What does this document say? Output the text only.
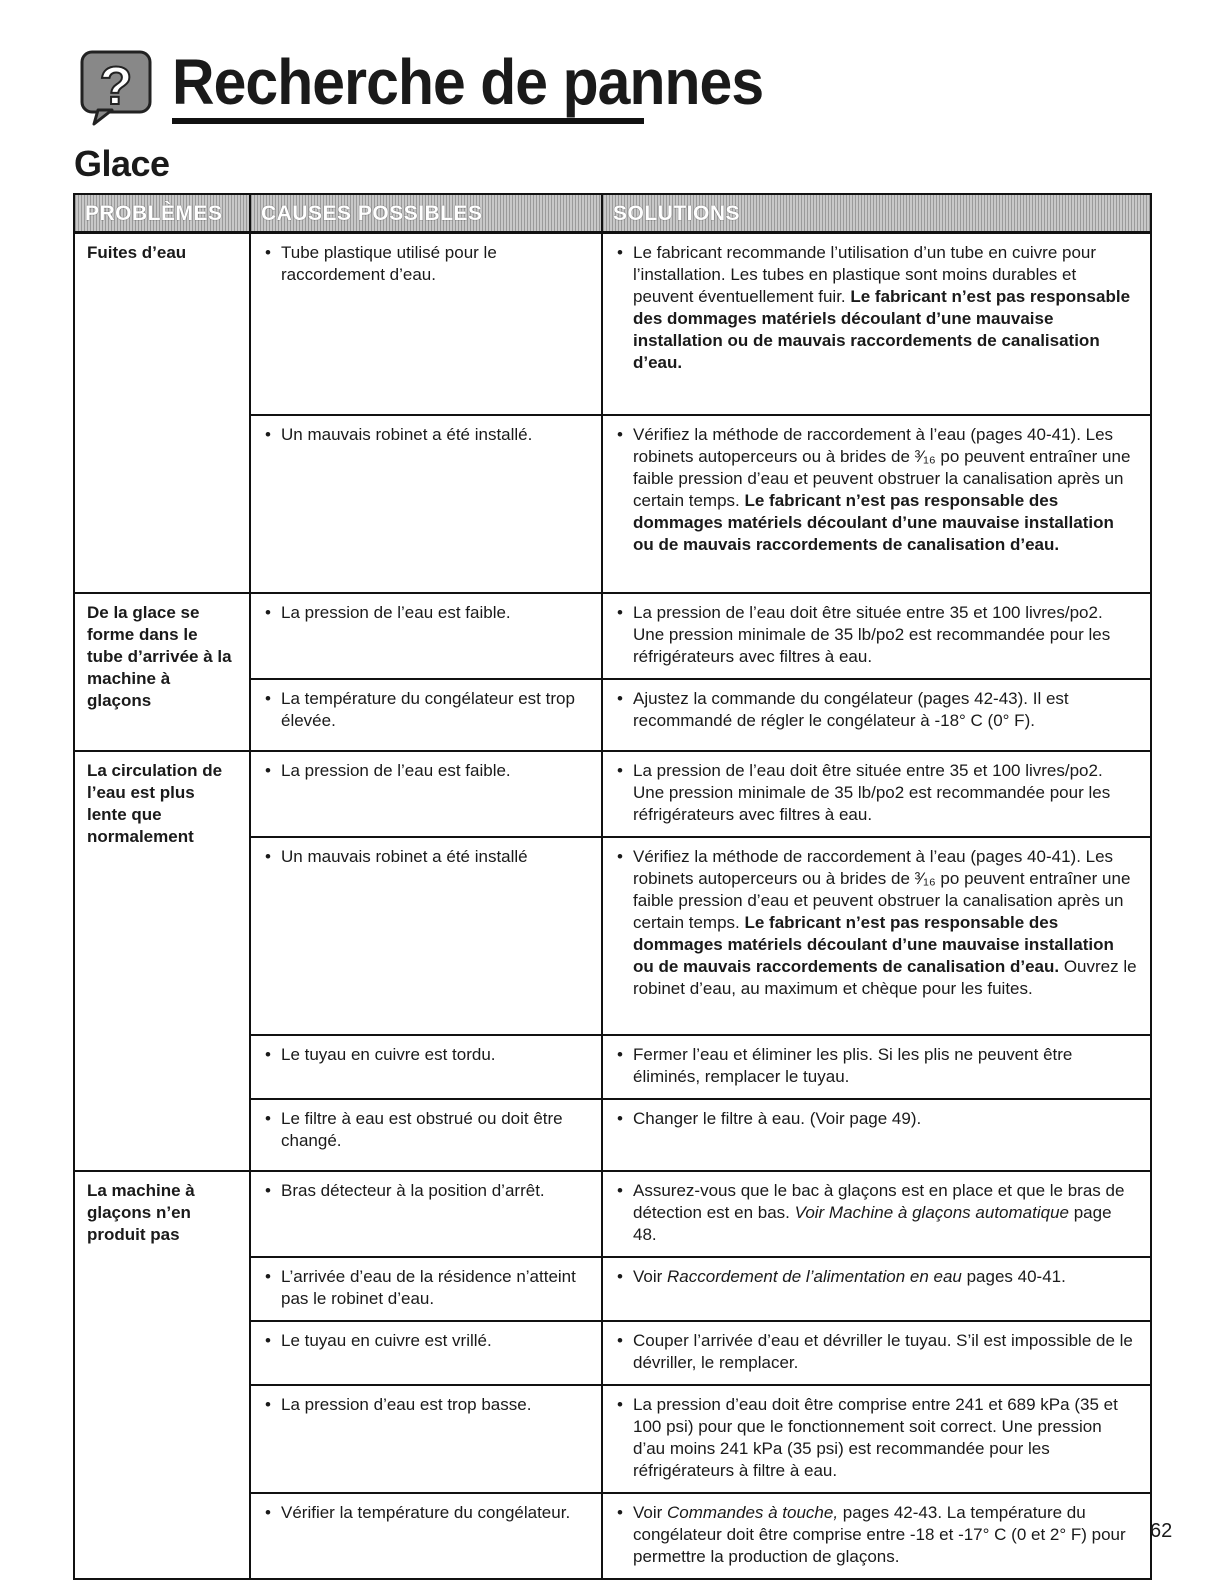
? Recherche de pannes
Glace
PROBLÈMES	CAUSES POSSIBLES	SOLUTIONS

Fuites d’eau	• Tube plastique utilisé pour le raccordement d’eau.	• Le fabricant recommande l’utilisation d’un tube en cuivre pour l’installation. Les tubes en plastique sont moins durables et peuvent éventuellement fuir. Le fabricant n’est pas responsable des dommages matériels découlant d’une mauvaise installation ou de mauvais raccordements de canalisation d’eau.

	• Un mauvais robinet a été installé.	• Vérifiez la méthode de raccordement à l’eau (pages 40-41). Les robinets autoperceurs ou à brides de ³⁄₁₆ po peuvent entraîner une faible pression d’eau et peuvent obstruer la canalisation après un certain temps. Le fabricant n’est pas responsable des dommages matériels découlant d’une mauvaise installation ou de mauvais raccordements de canalisation d’eau.

De la glace se forme dans le tube d’arrivée à la machine à glaçons	• La pression de l’eau est faible.	• La pression de l’eau doit être située entre 35 et 100 livres/po2. Une pression minimale de 35 lb/po2 est recommandée pour les réfrigérateurs avec filtres à eau.

	• La température du congélateur est trop élevée.	• Ajustez la commande du congélateur (pages 42-43). Il est recommandé de régler le congélateur à -18° C (0° F).

La circulation de l’eau est plus lente que normalement	• La pression de l’eau est faible.	• La pression de l’eau doit être située entre 35 et 100 livres/po2. Une pression minimale de 35 lb/po2 est recommandée pour les réfrigérateurs avec filtres à eau.

	• Un mauvais robinet a été installé	• Vérifiez la méthode de raccordement à l’eau (pages 40-41). Les robinets autoperceurs ou à brides de ³⁄₁₆ po peuvent entraîner une faible pression d’eau et peuvent obstruer la canalisation après un certain temps. Le fabricant n’est pas responsable des dommages matériels découlant d’une mauvaise installation ou de mauvais raccordements de canalisation d’eau. Ouvrez le robinet d’eau, au maximum et chèque pour les fuites.

	• Le tuyau en cuivre est tordu.	• Fermer l’eau et éliminer les plis. Si les plis ne peuvent être éliminés, remplacer le tuyau.

	• Le filtre à eau est obstrué ou doit être changé.	• Changer le filtre à eau. (Voir page 49).

La machine à glaçons n’en produit pas	• Bras détecteur à la position d’arrêt.	• Assurez-vous que le bac à glaçons est en place et que le bras de détection est en bas. Voir Machine à glaçons automatique page 48.

	• L’arrivée d’eau de la résidence n’atteint pas le robinet d’eau.	• Voir Raccordement de l’alimentation en eau pages 40-41.

	• Le tuyau en cuivre est vrillé.	• Couper l’arrivée d’eau et dévriller le tuyau. S’il est impossible de le dévriller, le remplacer.

	• La pression d’eau est trop basse.	• La pression d’eau doit être comprise entre 241 et 689 kPa (35 et 100 psi) pour que le fonctionnement soit correct. Une pression d’au moins 241 kPa (35 psi) est recommandée pour les réfrigérateurs à filtre à eau.

	• Vérifier la température du congélateur.	• Voir Commandes à touche, pages 42-43. La température du congélateur doit être comprise entre -18 et -17° C (0 et 2° F) pour permettre la production de glaçons.
62
